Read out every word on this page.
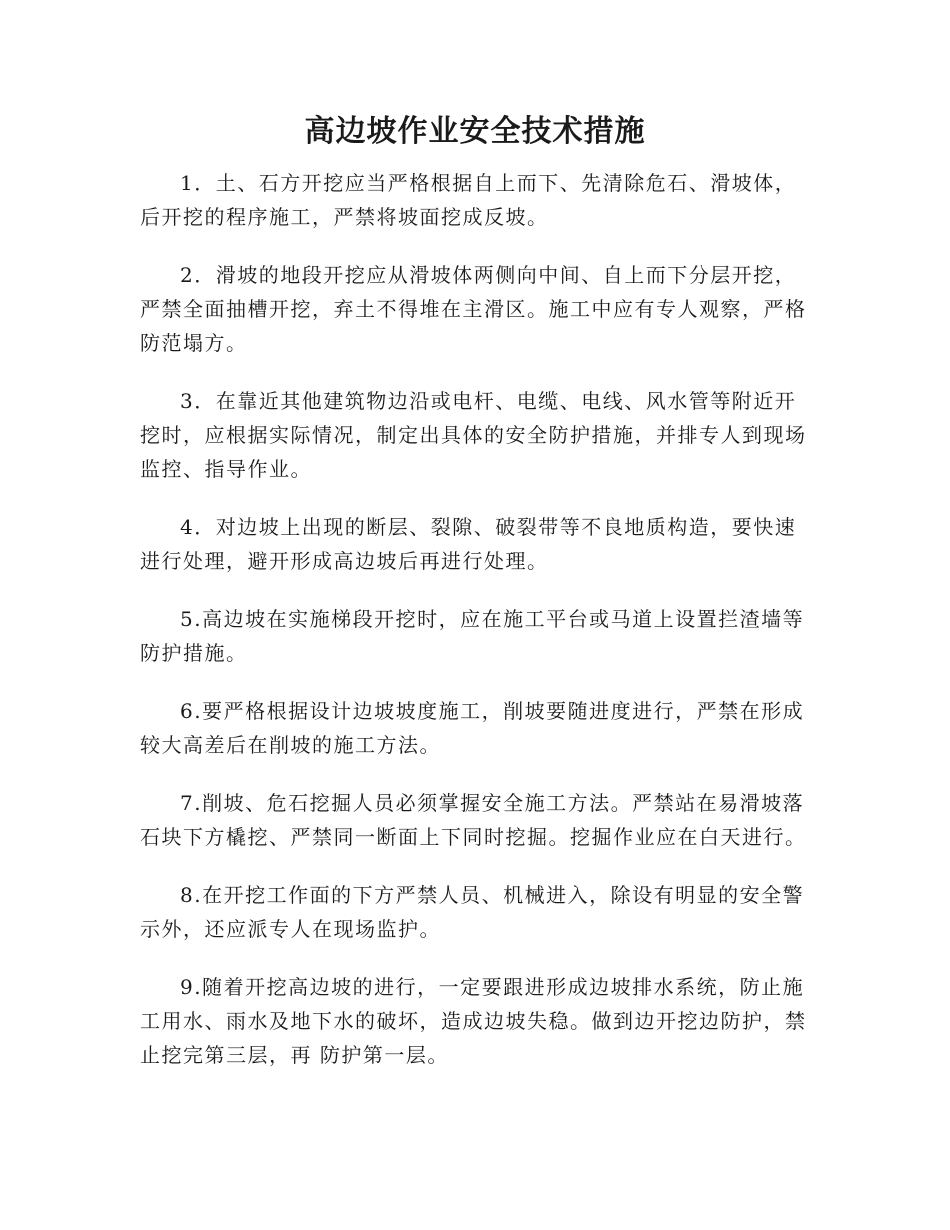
高边坡作业安全技术措施

1．土、石方开挖应当严格根据自上而下、先清除危石、滑坡体，后开挖的程序施工，严禁将坡面挖成反坡。

2．滑坡的地段开挖应从滑坡体两侧向中间、自上而下分层开挖，严禁全面抽槽开挖，弃土不得堆在主滑区。施工中应有专人观察，严格防范塌方。

3．在靠近其他建筑物边沿或电杆、电缆、电线、风水管等附近开挖时，应根据实际情况，制定出具体的安全防护措施，并排专人到现场监控、指导作业。

4．对边坡上出现的断层、裂隙、破裂带等不良地质构造，要快速进行处理，避开形成高边坡后再进行处理。

5.高边坡在实施梯段开挖时，应在施工平台或马道上设置拦渣墙等防护措施。

6.要严格根据设计边坡坡度施工，削坡要随进度进行，严禁在形成较大高差后在削坡的施工方法。

7.削坡、危石挖掘人员必须掌握安全施工方法。严禁站在易滑坡落石块下方橇挖、严禁同一断面上下同时挖掘。挖掘作业应在白天进行。

8.在开挖工作面的下方严禁人员、机械进入，除设有明显的安全警示外，还应派专人在现场监护。

9.随着开挖高边坡的进行，一定要跟进形成边坡排水系统，防止施工用水、雨水及地下水的破坏，造成边坡失稳。做到边开挖边防护，禁止挖完第三层，再 防护第一层。
